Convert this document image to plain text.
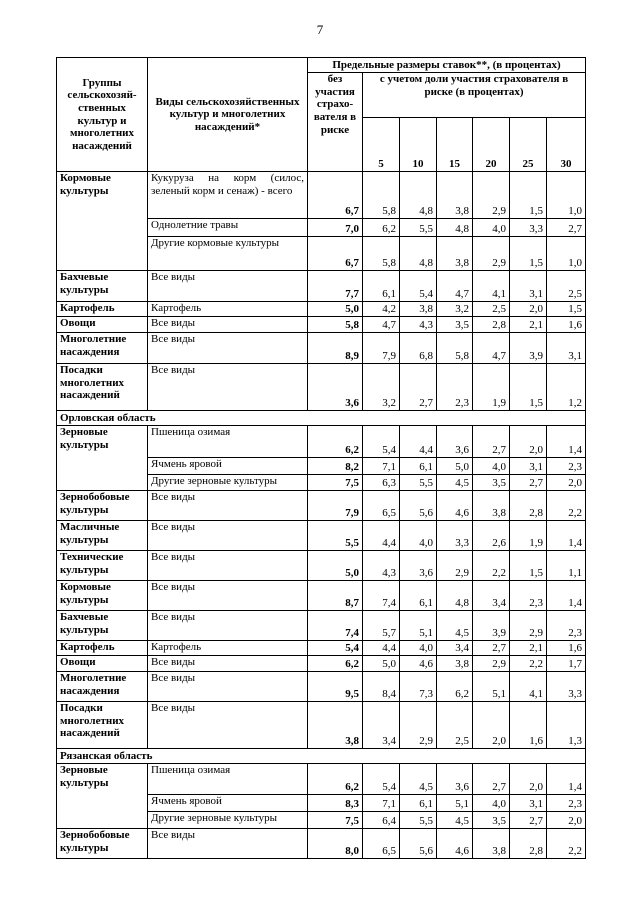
7
Группы сельскохозяй-ственных культур и многолетних насаждений	Виды сельскохозяйственных культур и многолетних насаждений*	Предельные размеры ставок**, (в процентах)						
		без участия страхо-вателя в риске	с учетом доли участия страхователя в риске (в процентах)					
			5	10	15	20	25	30
Кормовые культуры	Кукуруза на корм (силос, зеленый корм и сенаж) - всего	6,7	5,8	4,8	3,8	2,9	1,5	1,0
	Однолетние травы	7,0	6,2	5,5	4,8	4,0	3,3	2,7
	Другие кормовые культуры	6,7	5,8	4,8	3,8	2,9	1,5	1,0
Бахчевые культуры	Все виды	7,7	6,1	5,4	4,7	4,1	3,1	2,5
Картофель	Картофель	5,0	4,2	3,8	3,2	2,5	2,0	1,5
Овощи	Все виды	5,8	4,7	4,3	3,5	2,8	2,1	1,6
Многолетние насаждения	Все виды	8,9	7,9	6,8	5,8	4,7	3,9	3,1
Посадки многолетних насаждений	Все виды	3,6	3,2	2,7	2,3	1,9	1,5	1,2
Орловская область								
Зерновые культуры	Пшеница озимая	6,2	5,4	4,4	3,6	2,7	2,0	1,4
	Ячмень яровой	8,2	7,1	6,1	5,0	4,0	3,1	2,3
	Другие зерновые культуры	7,5	6,3	5,5	4,5	3,5	2,7	2,0
Зернобобовые культуры	Все виды	7,9	6,5	5,6	4,6	3,8	2,8	2,2
Масличные культуры	Все виды	5,5	4,4	4,0	3,3	2,6	1,9	1,4
Технические культуры	Все виды	5,0	4,3	3,6	2,9	2,2	1,5	1,1
Кормовые культуры	Все виды	8,7	7,4	6,1	4,8	3,4	2,3	1,4
Бахчевые культуры	Все виды	7,4	5,7	5,1	4,5	3,9	2,9	2,3
Картофель	Картофель	5,4	4,4	4,0	3,4	2,7	2,1	1,6
Овощи	Все виды	6,2	5,0	4,6	3,8	2,9	2,2	1,7
Многолетние насаждения	Все виды	9,5	8,4	7,3	6,2	5,1	4,1	3,3
Посадки многолетних насаждений	Все виды	3,8	3,4	2,9	2,5	2,0	1,6	1,3
Рязанская область								
Зерновые культуры	Пшеница озимая	6,2	5,4	4,5	3,6	2,7	2,0	1,4
	Ячмень яровой	8,3	7,1	6,1	5,1	4,0	3,1	2,3
	Другие зерновые культуры	7,5	6,4	5,5	4,5	3,5	2,7	2,0
Зернобобовые культуры	Все виды	8,0	6,5	5,6	4,6	3,8	2,8	2,2
